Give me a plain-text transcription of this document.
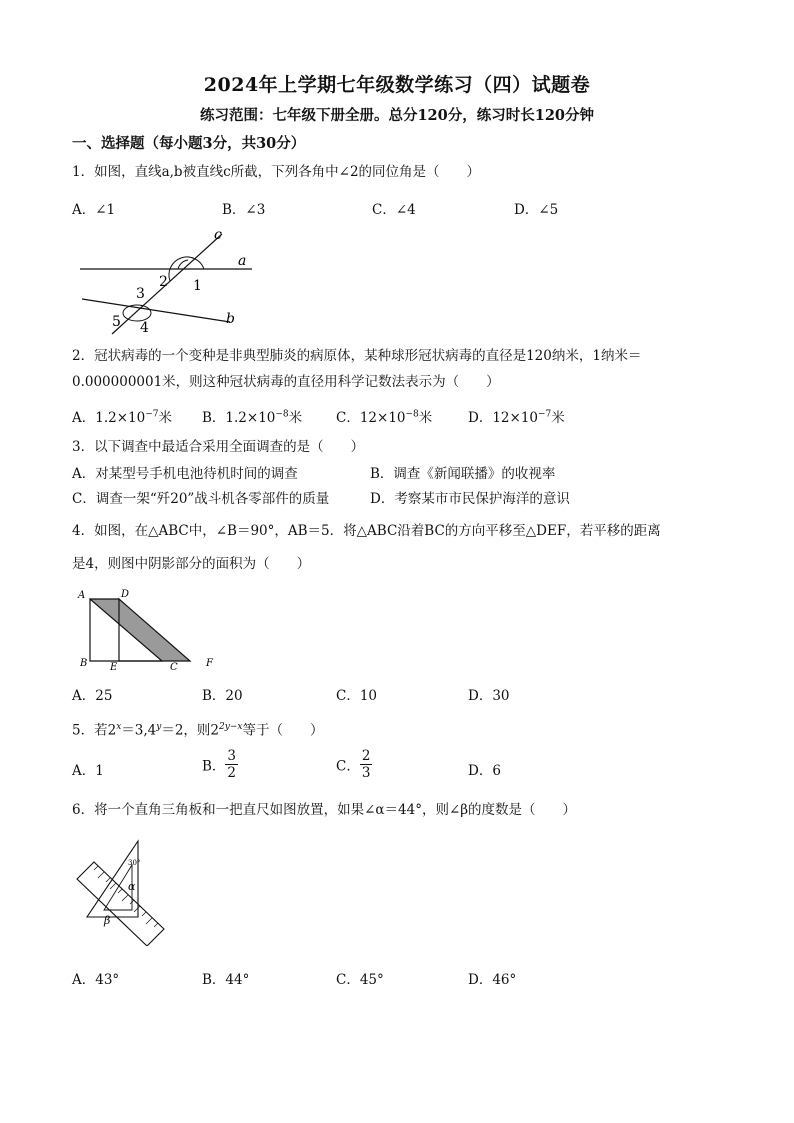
2024年上学期七年级数学练习（四）试题卷
练习范围：七年级下册全册。总分120分，练习时长120分钟
一、选择题（每小题3分，共30分）
1．如图，直线a,b被直线c所截，下列各角中∠2的同位角是（　　）
A．∠1	B．∠3	C．∠4	D．∠5
c
a
b
1
2
3
4
5
2．冠状病毒的一个变种是非典型肺炎的病原体，某种球形冠状病毒的直径是120纳米，1纳米＝
0.000000001米，则这种冠状病毒的直径用科学记数法表示为（　　）
A．$1.2\times 10^{-7}$米 B．$1.2\times 10^{-8}$米	C．$12\times 10^{-8}$米	D．$12\times 10^{-7}$米
3．以下调查中最适合采用全面调查的是（　　）
A．对某型号手机电池待机时间的调查	B．调查《新闻联播》的收视率
C．调查一架“歼20”战斗机各零部件的质量	D．考察某市市民保护海洋的意识
4．如图，在△ABC中，∠B＝90°，AB＝5．将△ABC沿着BC的方向平移至△DEF，若平移的距离
是4，则图中阴影部分的面积为（　　）
A	D
B E	C	F
A．25	B．20	C．10	D．30
5．若$2^x=3,4^y=2$，则$2^{2y-x}$等于（　　）
A．1	B． $\frac{3}{2}$	C． $\frac{2}{3}$	D．6
6．将一个直角三角板和一把直尺如图放置，如果∠α＝44°，则∠β的度数是（　　）
30°
α
β
A．43°	B．44°	C．45°	D．46°
